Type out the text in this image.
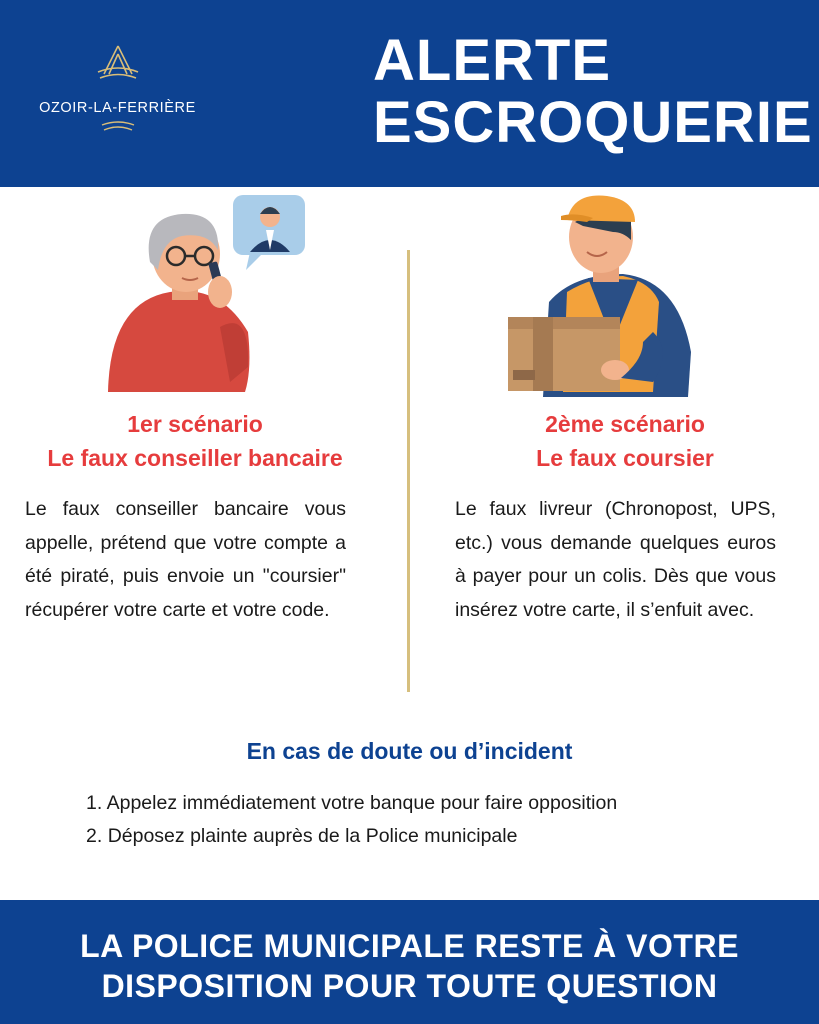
OZOIR-LA-FERRIÈRE
ALERTE
ESCROQUERIE
1er scénario
Le faux conseiller bancaire
Le faux conseiller bancaire vous appelle, prétend que votre compte a été piraté, puis envoie un "coursier" récupérer votre carte et votre code.
2ème scénario
Le faux coursier
Le faux livreur (Chronopost, UPS, etc.) vous demande quelques euros à payer pour un colis. Dès que vous insérez votre carte, il s’enfuit avec.
En cas de doute ou d’incident
1. Appelez immédiatement votre banque pour faire opposition
2. Déposez plainte auprès de la Police municipale
LA POLICE MUNICIPALE RESTE À VOTRE
DISPOSITION POUR TOUTE QUESTION
